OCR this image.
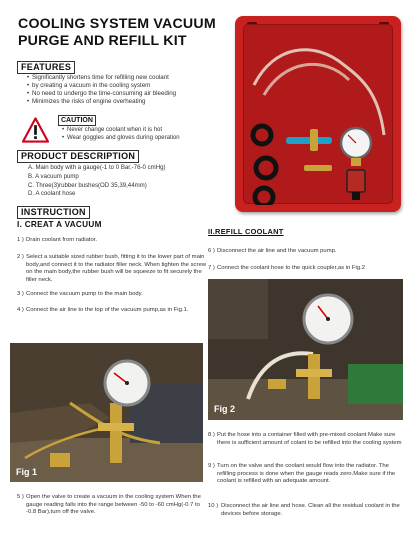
COOLING SYSTEM VACUUM
PURGE AND REFILL KIT
FEATURES
• Significantly shortens time for refilling new coolant
• by creating a vacuum in the cooling system
• No need to undergo the time-consuming air bleeding
• Minimizes the risks of engine overheating
CAUTION
• Never change coolant when it is hot
• Wear goggles and gloves during operation
PRODUCT DESCRIPTION
A. Main body with a gauge(-1 to 0 Bar,-76-0 cmHg)
B. A vacuum pump
C. Three(3)rubber bushes(OD 35,39,44mm)
D. A coolant hose
INSTRUCTION
I. CREAT A VACUUM
1 ) Drain coolant from radiator.
2 ) Select a suitable sized rubber bush, fitting it to the lower part of main body,and connect it to the radiator filler neck. When tighten the screw on the main body,the rubber bush will be squeeze to fit securely the filler neck.
3 ) Connect the vacuum pump to the main body.
4 ) Connect the air line to the top of the vacuum pump,as in Fig.1.
Fig 1
5 ) Open the valve to create a vacuum in the cooling system When the gauge reading falls into the range between -50 to -60 cmHg(-0.7 to -0.8 Bar),turn off the valve.
II.REFILL COOLANT
6 ) Disconnect the air line and the vacuum pump.
7 ) Connect the coolant hose to the quick coupler,as in Fig.2
Fig 2
8 ) Put the hose into a container filled with pre-mixed coolant Make sure there is sufficient amount of colant to be refilled into the cooling system
9 ) Turn on the valve and the coolant would flow into the radiator. The refilling process is done when the gauge reads zero.Make sure if the coolant is refilled with an adequate amount.
10 ) Disconnect the air line and hose. Clean all the residual coolant in the devices before storage.
